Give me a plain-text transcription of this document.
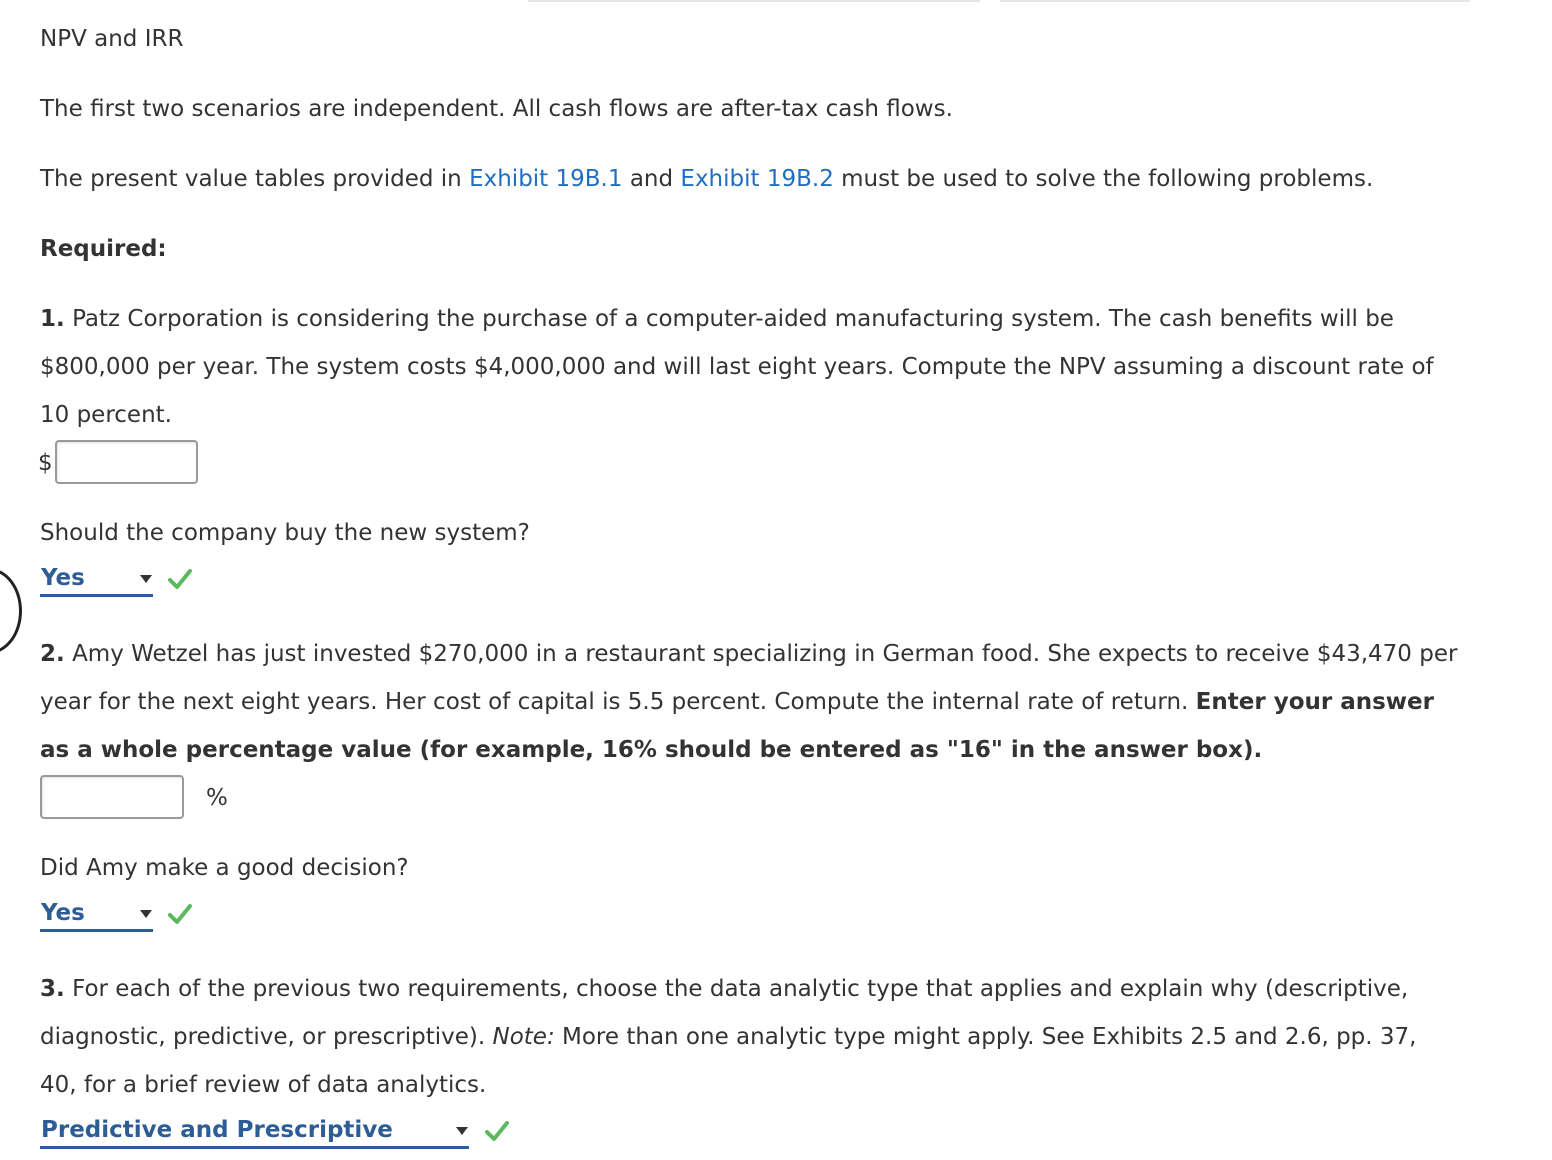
NPV and IRR
The first two scenarios are independent. All cash flows are after-tax cash flows.
The present value tables provided in Exhibit 19B.1 and Exhibit 19B.2 must be used to solve the following problems.
Required:
1. Patz Corporation is considering the purchase of a computer-aided manufacturing system. The cash benefits will be
$800,000 per year. The system costs $4,000,000 and will last eight years. Compute the NPV assuming a discount rate of
10 percent.
$
Should the company buy the new system?
Yes
2. Amy Wetzel has just invested $270,000 in a restaurant specializing in German food. She expects to receive $43,470 per
year for the next eight years. Her cost of capital is 5.5 percent. Compute the internal rate of return. Enter your answer
as a whole percentage value (for example, 16% should be entered as "16" in the answer box).
%
Did Amy make a good decision?
Yes
3. For each of the previous two requirements, choose the data analytic type that applies and explain why (descriptive,
diagnostic, predictive, or prescriptive). Note: More than one analytic type might apply. See Exhibits 2.5 and 2.6, pp. 37,
40, for a brief review of data analytics.
Predictive and Prescriptive
